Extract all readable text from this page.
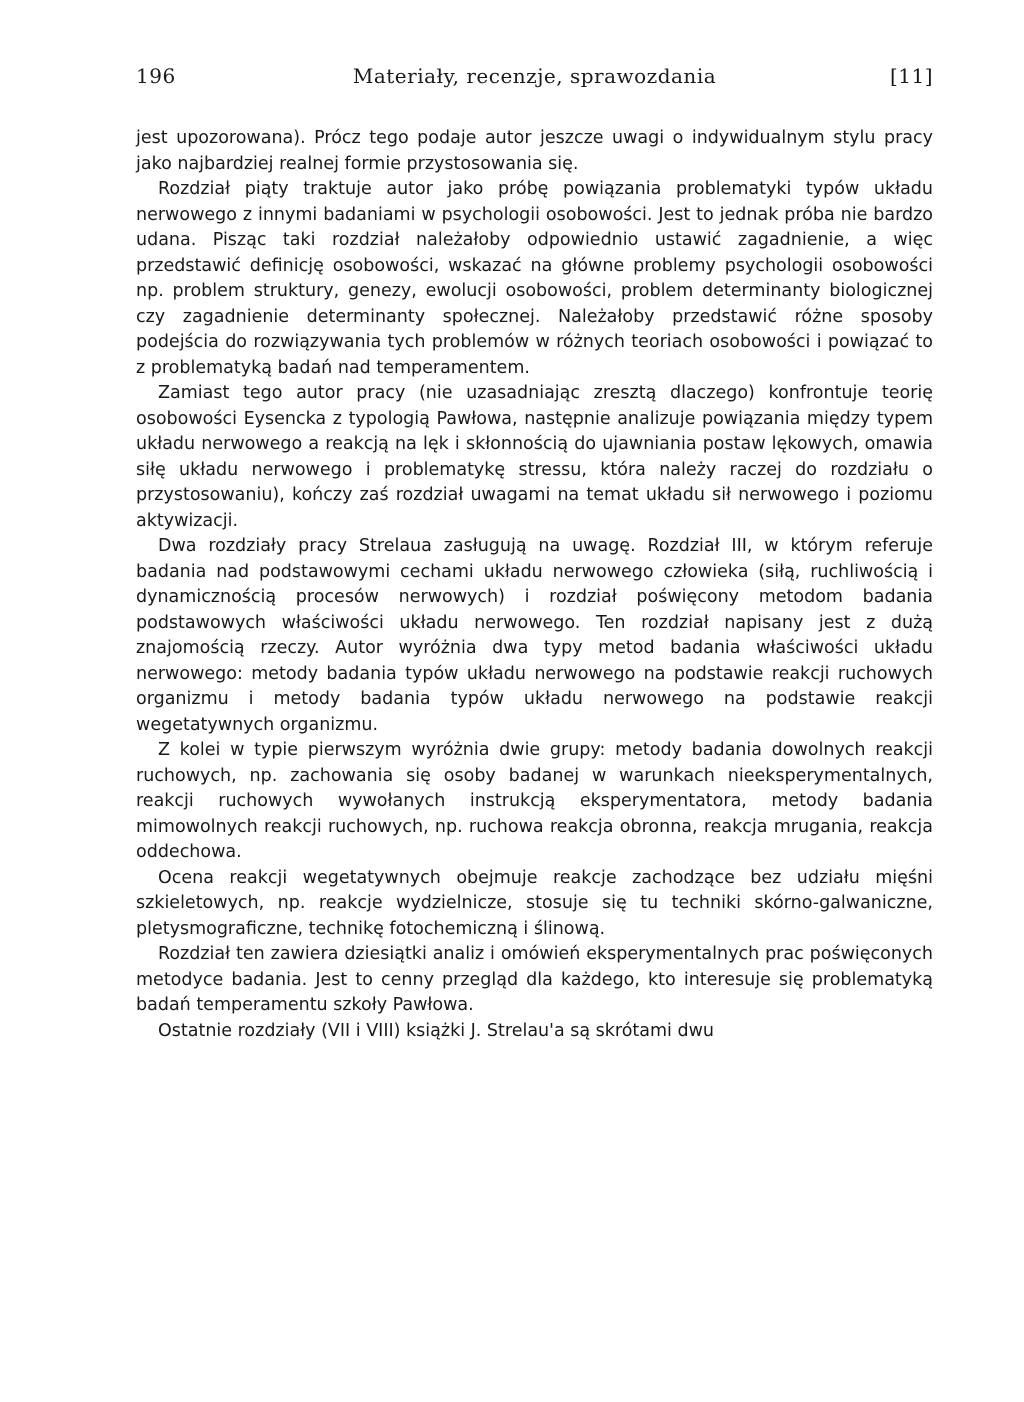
196	Materiały, recenzje, sprawozdania	[11]

jest upozorowana). Prócz tego podaje autor jeszcze uwagi o indywidualnym stylu pracy jako najbardziej realnej formie przystosowania się.

Rozdział piąty traktuje autor jako próbę powiązania problematyki typów układu nerwowego z innymi badaniami w psychologii osobowości. Jest to jednak próba nie bardzo udana. Pisząc taki rozdział należałoby odpowiednio ustawić zagadnienie, a więc przedstawić definicję osobowości, wskazać na główne problemy psychologii osobowości np. problem struktury, genezy, ewolucji osobowości, problem determinanty biologicznej czy zagadnienie determinanty społecznej. Należałoby przedstawić różne sposoby podejścia do rozwiązywania tych problemów w różnych teoriach osobowości i powiązać to z problematyką badań nad temperamentem.

Zamiast tego autor pracy (nie uzasadniając zresztą dlaczego) konfrontuje teorię osobowości Eysencka z typologią Pawłowa, następnie analizuje powiązania między typem układu nerwowego a reakcją na lęk i skłonnością do ujawniania postaw lękowych, omawia siłę układu nerwowego i problematykę stressu, która należy raczej do rozdziału o przystosowaniu), kończy zaś rozdział uwagami na temat układu sił nerwowego i poziomu aktywizacji.

Dwa rozdziały pracy Strelaua zasługują na uwagę. Rozdział III, w którym referuje badania nad podstawowymi cechami układu nerwowego człowieka (siłą, ruchliwością i dynamicznością procesów nerwowych) i rozdział poświęcony metodom badania podstawowych właściwości układu nerwowego. Ten rozdział napisany jest z dużą znajomością rzeczy. Autor wyróżnia dwa typy metod badania właściwości układu nerwowego: metody badania typów układu nerwowego na podstawie reakcji ruchowych organizmu i metody badania typów układu nerwowego na podstawie reakcji wegetatywnych organizmu.

Z kolei w typie pierwszym wyróżnia dwie grupy: metody badania dowolnych reakcji ruchowych, np. zachowania się osoby badanej w warunkach nieeksperymentalnych, reakcji ruchowych wywołanych instrukcją eksperymentatora, metody badania mimowolnych reakcji ruchowych, np. ruchowa reakcja obronna, reakcja mrugania, reakcja oddechowa.

Ocena reakcji wegetatywnych obejmuje reakcje zachodzące bez udziału mięśni szkieletowych, np. reakcje wydzielnicze, stosuje się tu techniki skórno-galwaniczne, pletysmograficzne, technikę fotochemiczną i ślinową.

Rozdział ten zawiera dziesiątki analiz i omówień eksperymentalnych prac poświęconych metodyce badania. Jest to cenny przegląd dla każdego, kto interesuje się problematyką badań temperamentu szkoły Pawłowa.

Ostatnie rozdziały (VII i VIII) książki J. Strelau'a są skrótami dwu
